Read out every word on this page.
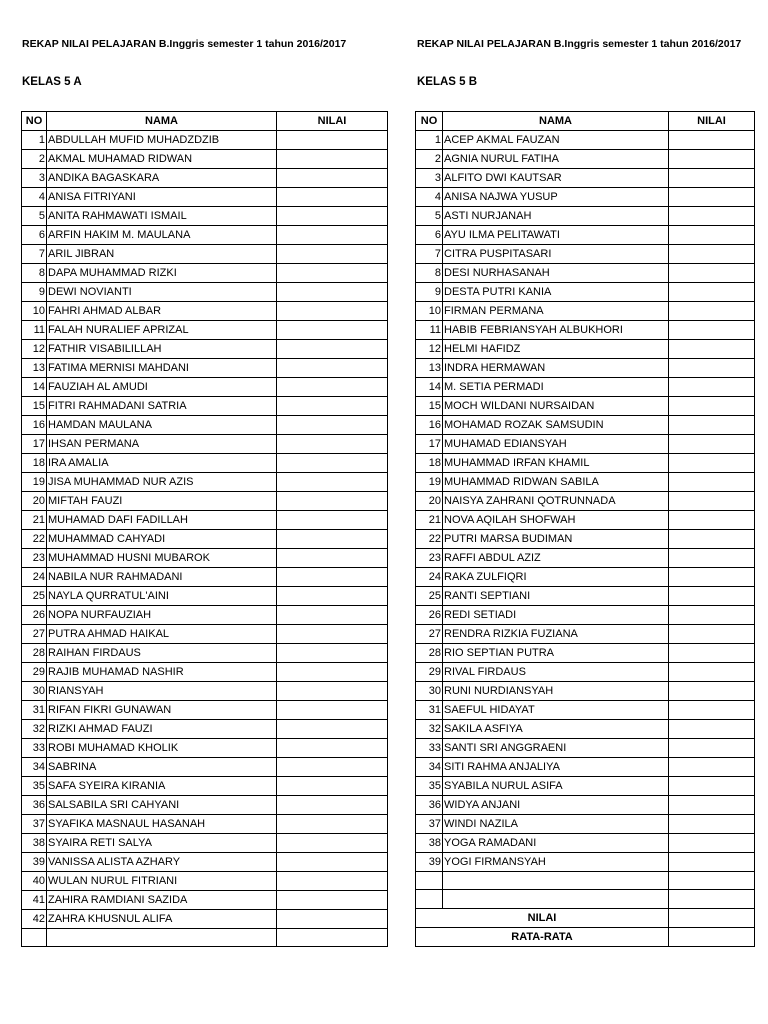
REKAP NILAI PELAJARAN B.Inggris semester 1 tahun 2016/2017	REKAP NILAI PELAJARAN B.Inggris semester 1 tahun 2016/2017
KELAS 5 A	KELAS 5 B
NO	NAMA	NILAI
1	ABDULLAH MUFID MUHADZDZIB	
2	AKMAL MUHAMAD RIDWAN	
3	ANDIKA BAGASKARA	
4	ANISA FITRIYANI	
5	ANITA RAHMAWATI ISMAIL	
6	ARFIN HAKIM M. MAULANA	
7	ARIL JIBRAN	
8	DAPA MUHAMMAD RIZKI	
9	DEWI NOVIANTI	
10	FAHRI AHMAD ALBAR	
11	FALAH NURALIEF APRIZAL	
12	FATHIR VISABILILLAH	
13	FATIMA MERNISI MAHDANI	
14	FAUZIAH AL AMUDI	
15	FITRI RAHMADANI SATRIA	
16	HAMDAN MAULANA	
17	IHSAN PERMANA	
18	IRA AMALIA	
19	JISA MUHAMMAD NUR AZIS	
20	MIFTAH FAUZI	
21	MUHAMAD DAFI FADILLAH	
22	MUHAMMAD CAHYADI	
23	MUHAMMAD HUSNI MUBAROK	
24	NABILA NUR RAHMADANI	
25	NAYLA QURRATUL'AINI	
26	NOPA NURFAUZIAH	
27	PUTRA AHMAD HAIKAL	
28	RAIHAN FIRDAUS	
29	RAJIB MUHAMAD NASHIR	
30	RIANSYAH	
31	RIFAN FIKRI GUNAWAN	
32	RIZKI AHMAD FAUZI	
33	ROBI MUHAMAD KHOLIK	
34	SABRINA	
35	SAFA SYEIRA KIRANIA	
36	SALSABILA SRI CAHYANI	
37	SYAFIKA MASNAUL HASANAH	
38	SYAIRA RETI SALYA	
39	VANISSA ALISTA AZHARY	
40	WULAN NURUL FITRIANI	
41	ZAHIRA RAMDIANI SAZIDA	
42	ZAHRA KHUSNUL ALIFA	

NO	NAMA	NILAI
1	ACEP AKMAL FAUZAN	
2	AGNIA NURUL FATIHA	
3	ALFITO DWI KAUTSAR	
4	ANISA NAJWA YUSUP	
5	ASTI NURJANAH	
6	AYU ILMA PELITAWATI	
7	CITRA PUSPITASARI	
8	DESI NURHASANAH	
9	DESTA PUTRI KANIA	
10	FIRMAN PERMANA	
11	HABIB FEBRIANSYAH ALBUKHORI	
12	HELMI HAFIDZ	
13	INDRA HERMAWAN	
14	M. SETIA PERMADI	
15	MOCH WILDANI NURSAIDAN	
16	MOHAMAD ROZAK SAMSUDIN	
17	MUHAMAD EDIANSYAH	
18	MUHAMMAD IRFAN KHAMIL	
19	MUHAMMAD RIDWAN SABILA	
20	NAISYA ZAHRANI QOTRUNNADA	
21	NOVA AQILAH SHOFWAH	
22	PUTRI MARSA BUDIMAN	
23	RAFFI ABDUL AZIZ	
24	RAKA ZULFIQRI	
25	RANTI SEPTIANI	
26	REDI SETIADI	
27	RENDRA RIZKIA FUZIANA	
28	RIO SEPTIAN PUTRA	
29	RIVAL FIRDAUS	
30	RUNI NURDIANSYAH	
31	SAEFUL HIDAYAT	
32	SAKILA ASFIYA	
33	SANTI SRI ANGGRAENI	
34	SITI RAHMA ANJALIYA	
35	SYABILA NURUL ASIFA	
36	WIDYA ANJANI	
37	WINDI NAZILA	
38	YOGA RAMADANI	
39	YOGI FIRMANSYAH	

NILAI		
RATA-RATA		
